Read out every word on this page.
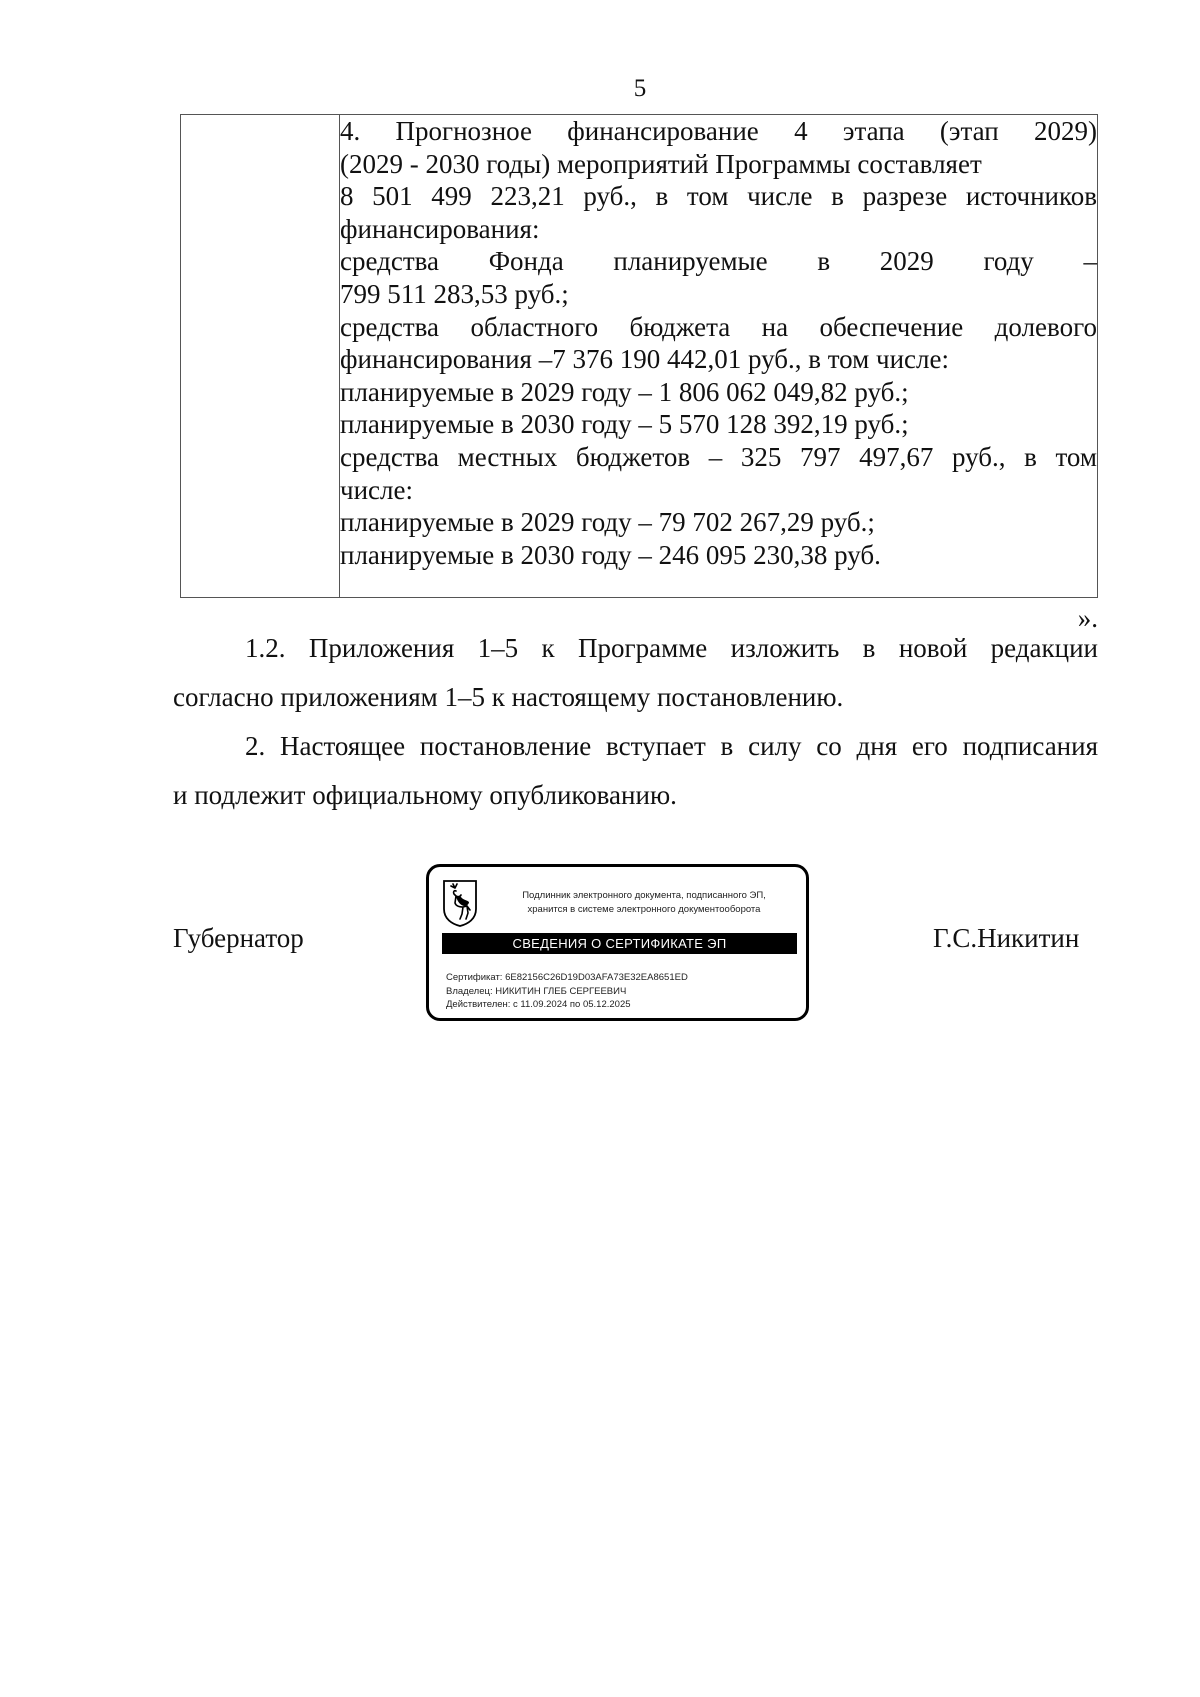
5

4. Прогнозное финансирование 4 этапа (этап 2029)
(2029 - 2030 годы) мероприятий Программы составляет
8 501 499 223,21 руб., в том числе в разрезе источников
финансирования:
средства Фонда планируемые в 2029 году –
799 511 283,53 руб.;
средства областного бюджета на обеспечение долевого
финансирования –7 376 190 442,01 руб., в том числе:
планируемые в 2029 году – 1 806 062 049,82 руб.;
планируемые в 2030 году – 5 570 128 392,19 руб.;
средства местных бюджетов – 325 797 497,67 руб., в том
числе:
планируемые в 2029 году – 79 702 267,29 руб.;
планируемые в 2030 году – 246 095 230,38 руб.
».

1.2. Приложения 1–5 к Программе изложить в новой редакции
согласно приложениям 1–5 к настоящему постановлению.

2. Настоящее постановление вступает в силу со дня его подписания
и подлежит официальному опубликованию.

Губернатор
Подлинник электронного документа, подписанного ЭП,
хранится в системе электронного документооборота
СВЕДЕНИЯ О СЕРТИФИКАТЕ ЭП
Сертификат: 6E82156C26D19D03AFA73E32EA8651ED
Владелец: НИКИТИН ГЛЕБ СЕРГЕЕВИЧ
Действителен: с 11.09.2024 по 05.12.2025
Г.С.Никитин
